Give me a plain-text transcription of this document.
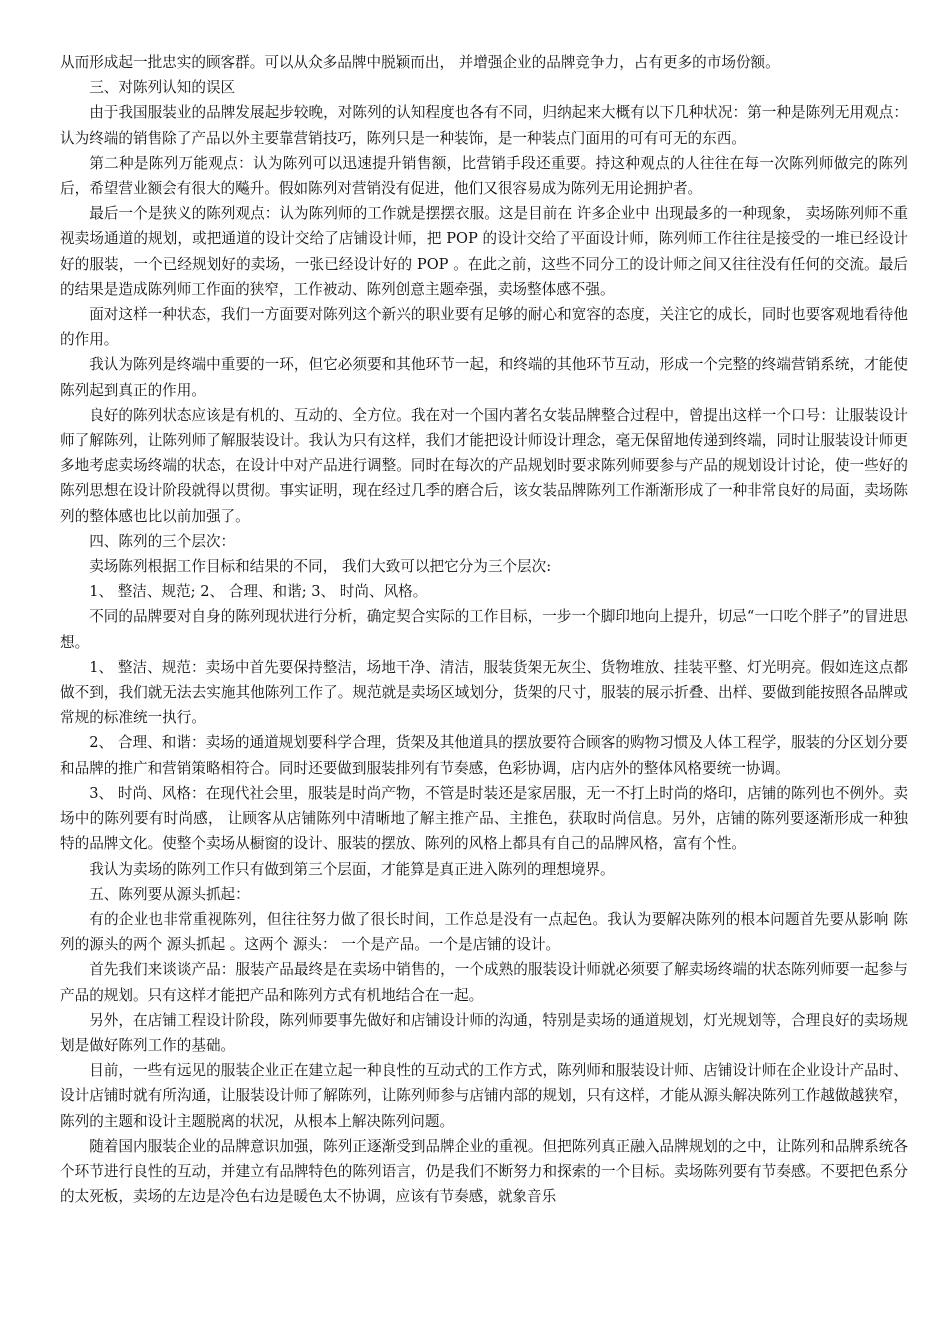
从而形成起一批忠实的顾客群。可以从众多品牌中脱颖而出， 并增强企业的品牌竞争力，占有更多的市场份额。

三、对陈列认知的误区

由于我国服装业的品牌发展起步较晚，对陈列的认知程度也各有不同，归纳起来大概有以下几种状况：第一种是陈列无用观点：认为终端的销售除了产品以外主要靠营销技巧，陈列只是一种装饰，是一种装点门面用的可有可无的东西。

第二种是陈列万能观点：认为陈列可以迅速提升销售额，比营销手段还重要。持这种观点的人往往在每一次陈列师做完的陈列后，希望营业额会有很大的飚升。假如陈列对营销没有促进，他们又很容易成为陈列无用论拥护者。

最后一个是狭义的陈列观点：认为陈列师的工作就是摆摆衣服。这是目前在 许多企业中 出现最多的一种现象， 卖场陈列师不重视卖场通道的规划，或把通道的设计交给了店铺设计师，把 POP 的设计交给了平面设计师，陈列师工作往往是接受的一堆已经设计好的服装，一个已经规划好的卖场，一张已经设计好的 POP 。在此之前，这些不同分工的设计师之间又往往没有任何的交流。最后的结果是造成陈列师工作面的狭窄，工作被动、陈列创意主题牵强，卖场整体感不强。

面对这样一种状态，我们一方面要对陈列这个新兴的职业要有足够的耐心和宽容的态度，关注它的成长，同时也要客观地看待他的作用。

我认为陈列是终端中重要的一环，但它必须要和其他环节一起，和终端的其他环节互动，形成一个完整的终端营销系统，才能使陈列起到真正的作用。

良好的陈列状态应该是有机的、互动的、全方位。我在对一个国内著名女装品牌整合过程中，曾提出这样一个口号：让服装设计师了解陈列，让陈列师了解服装设计。我认为只有这样，我们才能把设计师设计理念，毫无保留地传递到终端，同时让服装设计师更多地考虑卖场终端的状态，在设计中对产品进行调整。同时在每次的产品规划时要求陈列师要参与产品的规划设计讨论，使一些好的陈列思想在设计阶段就得以贯彻。事实证明，现在经过几季的磨合后，该女装品牌陈列工作渐渐形成了一种非常良好的局面，卖场陈列的整体感也比以前加强了。

四、陈列的三个层次：

卖场陈列根据工作目标和结果的不同， 我们大致可以把它分为三个层次:

1、 整洁、规范; 2、 合理、和谐; 3、 时尚、风格。

不同的品牌要对自身的陈列现状进行分析，确定契合实际的工作目标，一步一个脚印地向上提升，切忌“一口吃个胖子”的冒进思想。

1、 整洁、规范：卖场中首先要保持整洁，场地干净、清洁，服装货架无灰尘、货物堆放、挂装平整、灯光明亮。假如连这点都做不到，我们就无法去实施其他陈列工作了。规范就是卖场区域划分，货架的尺寸，服装的展示折叠、出样、要做到能按照各品牌或常规的标准统一执行。

2、 合理、和谐：卖场的通道规划要科学合理，货架及其他道具的摆放要符合顾客的购物习惯及人体工程学，服装的分区划分要和品牌的推广和营销策略相符合。同时还要做到服装排列有节奏感，色彩协调，店内店外的整体风格要统一协调。

3、 时尚、风格：在现代社会里，服装是时尚产物，不管是时装还是家居服，无一不打上时尚的烙印，店铺的陈列也不例外。卖场中的陈列要有时尚感， 让顾客从店铺陈列中清晰地了解主推产品、主推色，获取时尚信息。另外，店铺的陈列要逐渐形成一种独特的品牌文化。使整个卖场从橱窗的设计、服装的摆放、陈列的风格上都具有自己的品牌风格，富有个性。

我认为卖场的陈列工作只有做到第三个层面，才能算是真正进入陈列的理想境界。

五、陈列要从源头抓起：

有的企业也非常重视陈列，但往往努力做了很长时间，工作总是没有一点起色。我认为要解决陈列的根本问题首先要从影响 陈列的源头的两个 源头抓起 。这两个 源头： 一个是产品。一个是店铺的设计。

首先我们来谈谈产品：服装产品最终是在卖场中销售的，一个成熟的服装设计师就必须要了解卖场终端的状态陈列师要一起参与产品的规划。只有这样才能把产品和陈列方式有机地结合在一起。

另外，在店铺工程设计阶段，陈列师要事先做好和店铺设计师的沟通，特别是卖场的通道规划，灯光规划等，合理良好的卖场规划是做好陈列工作的基础。

目前，一些有远见的服装企业正在建立起一种良性的互动式的工作方式，陈列师和服装设计师、店铺设计师在企业设计产品时、设计店铺时就有所沟通，让服装设计师了解陈列，让陈列师参与店铺内部的规划，只有这样，才能从源头解决陈列工作越做越狭窄，陈列的主题和设计主题脱离的状况，从根本上解决陈列问题。

随着国内服装企业的品牌意识加强，陈列正逐渐受到品牌企业的重视。但把陈列真正融入品牌规划的之中，让陈列和品牌系统各个环节进行良性的互动，并建立有品牌特色的陈列语言，仍是我们不断努力和探索的一个目标。卖场陈列要有节奏感。不要把色系分的太死板，卖场的左边是冷色右边是暖色太不协调，应该有节奏感，就象音乐
